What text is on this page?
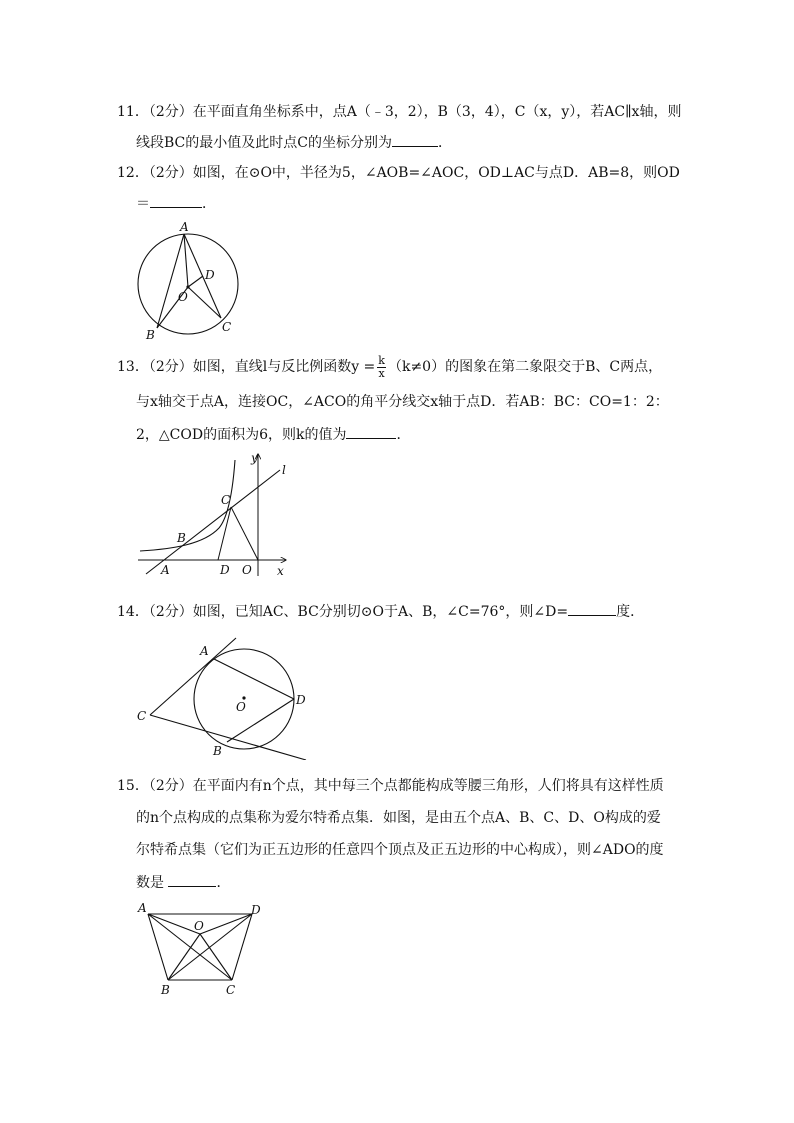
11．（2分）在平面直角坐标系中，点A（﹣3，2），B（3，4），C（x，y），若AC∥x轴，则
线段BC的最小值及此时点C的坐标分别为	．
12．（2分）如图，在⊙O中，半径为5，∠AOB=∠AOC，OD⊥AC与点D．AB=8，则OD
＝	．
A
B
C
D
O
13．（2分）如图，直线l与反比例函数$y = \frac{k}{x} (k\ne 0)$的图象在第二象限交于B、C两点，
与x轴交于点A，连接OC，∠ACO的角平分线交x轴于点D．若AB：BC：CO=1：2：
2，△COD的面积为6，则k的值为	．
y
l
C
B
A	D O x
14．（2分）如图，已知AC、BC分别切⊙O于A、B，∠C=76°，则∠D=	度．
A
B
C
D
O
15．（2分）在平面内有n个点，其中每三个点都能构成等腰三角形，人们将具有这样性质
的n个点构成的点集称为爱尔特希点集．如图，是由五个点A、B、C、D、O构成的爱
尔特希点集（它们为正五边形的任意四个顶点及正五边形的中心构成），则∠ADO的度
数是	．
A	D
O
B	C
